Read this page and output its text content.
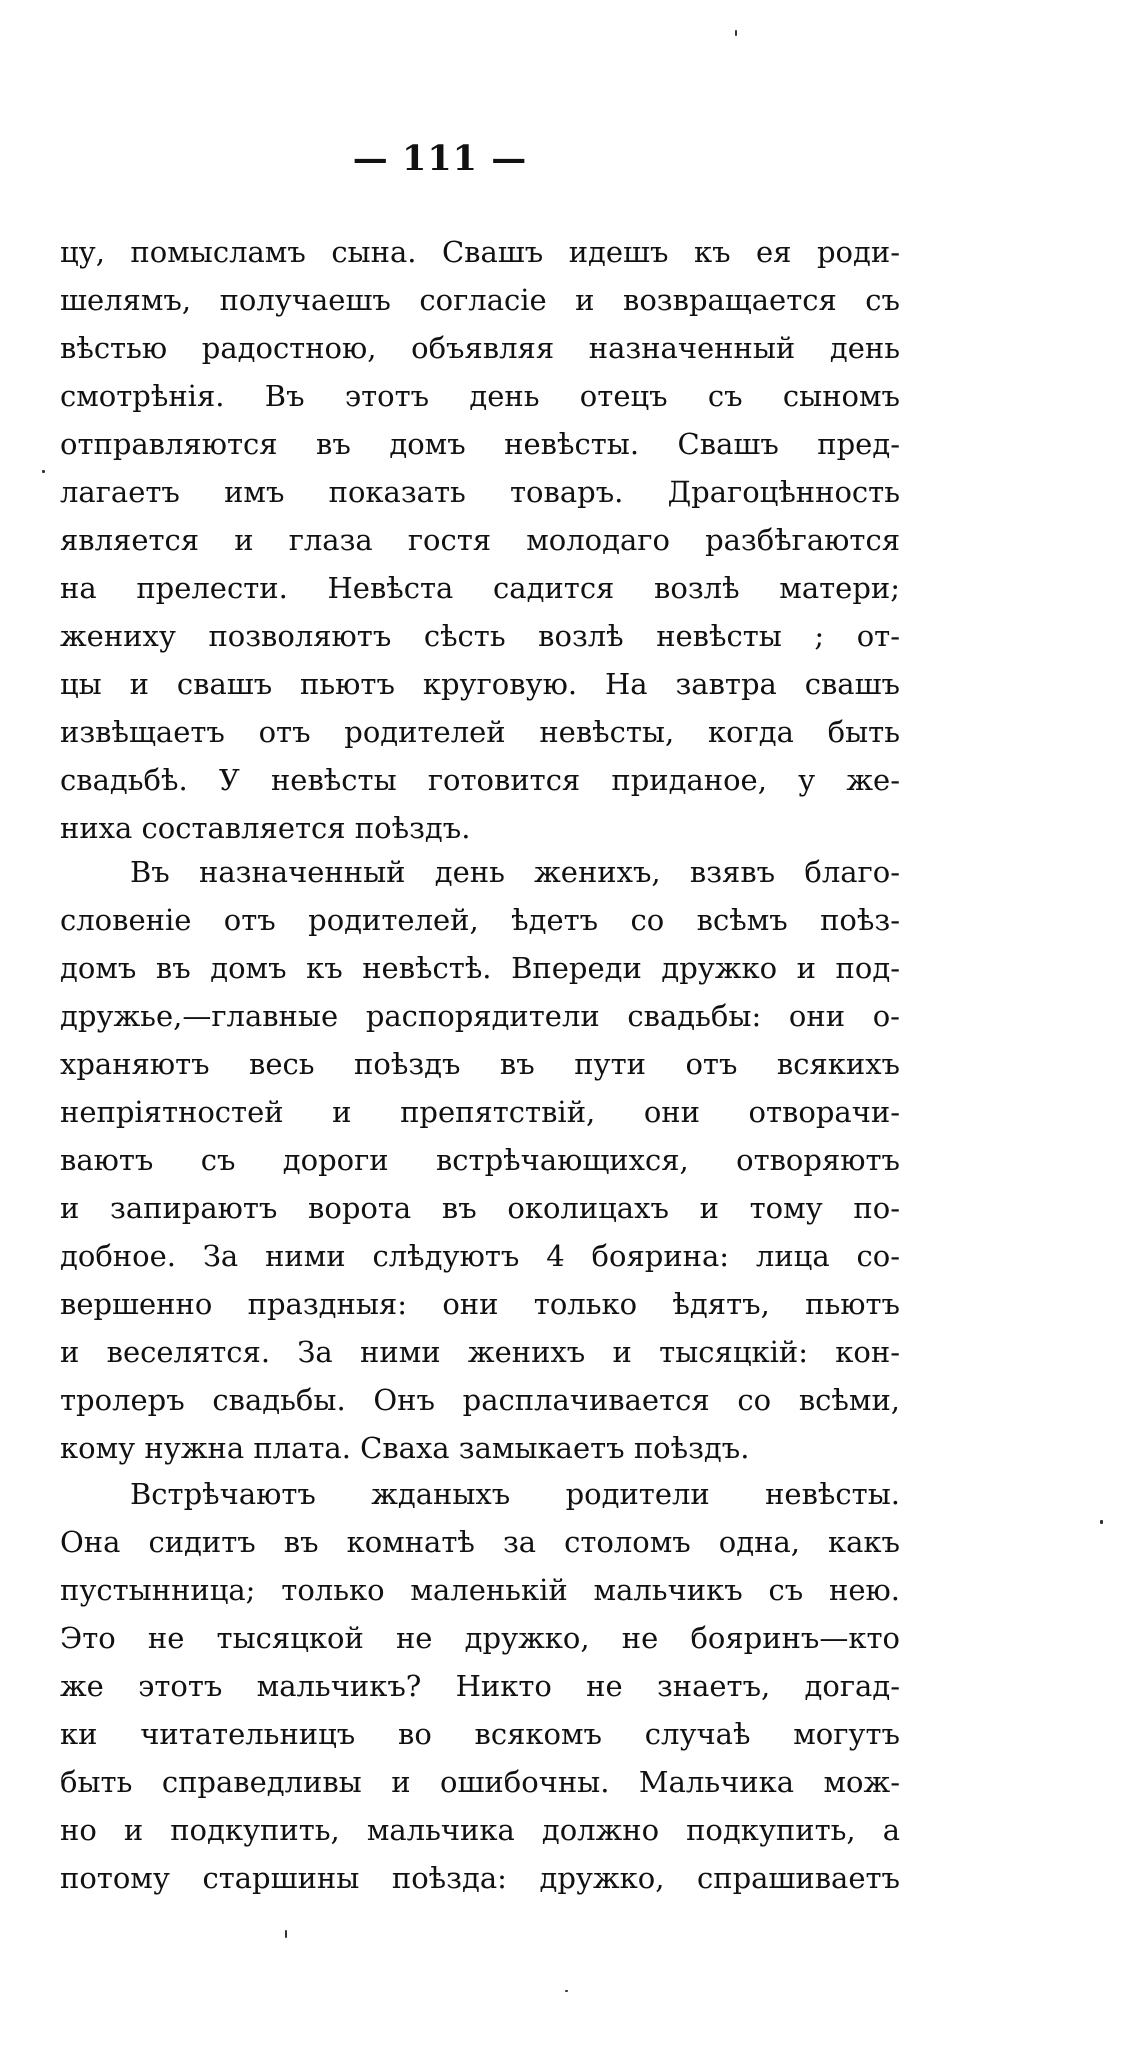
— 111 —
цу, помысламъ сына. Свашъ идешъ къ ея роди-
шелямъ, получаешъ согласіе и возвращается съ
вѣстью радостною, объявляя назначенный день
смотрѣнія. Въ этотъ день отецъ съ сыномъ
отправляются въ домъ невѣсты. Свашъ пред-
лагаетъ имъ показать товаръ. Драгоцѣнность
является и глаза гостя молодаго разбѣгаются
на прелести. Невѣста садится возлѣ матери;
жениху позволяютъ сѣсть возлѣ невѣсты ; от-
цы и свашъ пьютъ круговую. На завтра свашъ
извѣщаетъ отъ родителей невѣсты, когда быть
свадьбѣ. У невѣсты готовится приданое, у же-
ниха составляется поѣздъ.
Въ назначенный день женихъ, взявъ благо-
словеніе отъ родителей, ѣдетъ со всѣмъ поѣз-
домъ въ домъ къ невѣстѣ. Впереди дружко и под-
дружье,—главные распорядители свадьбы: они о-
храняютъ весь поѣздъ въ пути отъ всякихъ
непріятностей и препятствій, они отворачи-
ваютъ съ дороги встрѣчающихся, отворяютъ
и запираютъ ворота въ околицахъ и тому по-
добное. За ними слѣдуютъ 4 боярина: лица со-
вершенно праздныя: они только ѣдятъ, пьютъ
и веселятся. За ними женихъ и тысяцкій: кон-
тролеръ свадьбы. Онъ расплачивается со всѣми,
кому нужна плата. Сваха замыкаетъ поѣздъ.
Встрѣчаютъ жданыхъ родители невѣсты.
Она сидитъ въ комнатѣ за столомъ одна, какъ
пустынница; только маленькій мальчикъ съ нею.
Это не тысяцкой не дружко, не бояринъ—кто
же этотъ мальчикъ? Никто не знаетъ, догад-
ки читательницъ во всякомъ случаѣ могутъ
быть справедливы и ошибочны. Мальчика мож-
но и подкупить, мальчика должно подкупить, а
потому старшины поѣзда: дружко, спрашиваетъ
